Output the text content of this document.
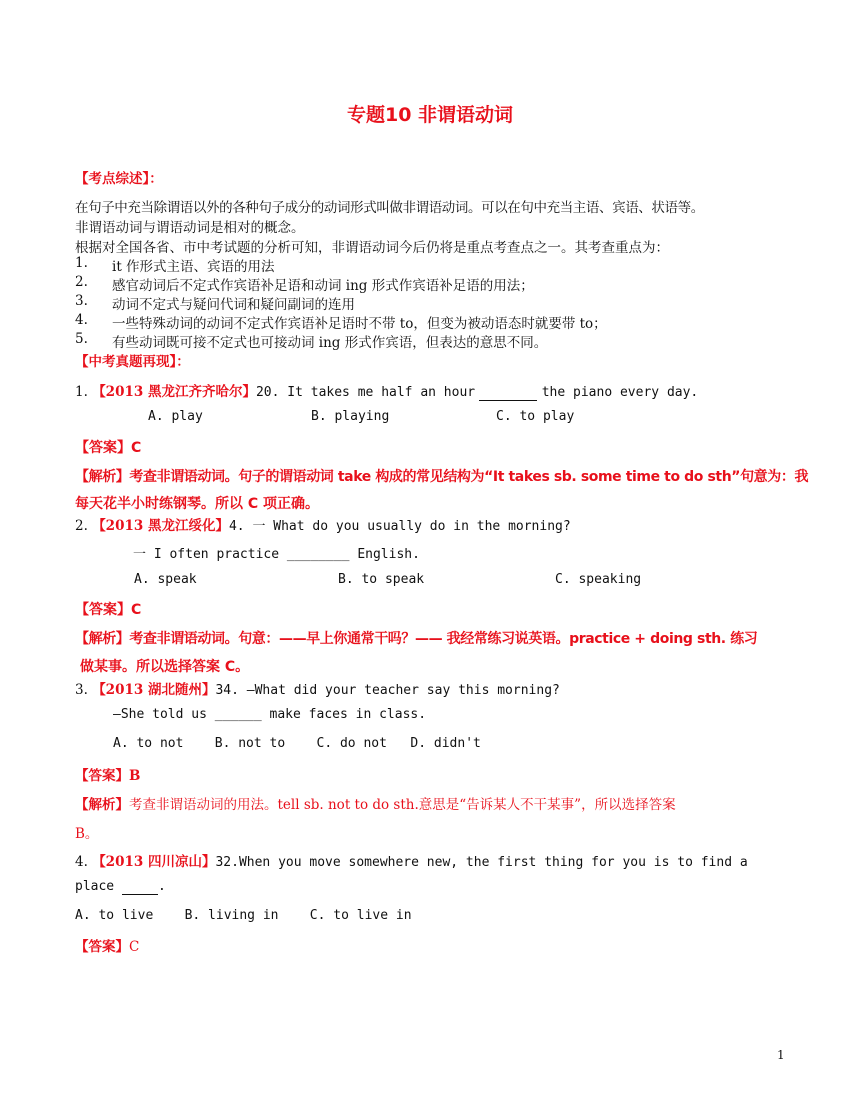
专题10 非谓语动词
【考点综述】：
在句子中充当除谓语以外的各种句子成分的动词形式叫做非谓语动词。可以在句中充当主语、宾语、状语等。
非谓语动词与谓语动词是相对的概念。
根据对全国各省、市中考试题的分析可知，非谓语动词今后仍将是重点考查点之一。其考查重点为：
1. it 作形式主语、宾语的用法
2. 感官动词后不定式作宾语补足语和动词 ing 形式作宾语补足语的用法；
3. 动词不定式与疑问代词和疑问副词的连用
4. 一些特殊动词的动词不定式作宾语补足语时不带 to，但变为被动语态时就要带 to；
5. 有些动词既可接不定式也可接动词 ing 形式作宾语，但表达的意思不同。
【中考真题再现】：
1. 【2013 黑龙江齐齐哈尔】20. It takes me half an hour	the piano every day.
A. play	B. playing	C. to play
【答案】C
【解析】考查非谓语动词。句子的谓语动词 take 构成的常见结构为“It takes sb. some time to do sth”句意为：我
每天花半小时练钢琴。所以 C 项正确。
2. 【2013 黑龙江绥化】4. 一 What do you usually do in the morning?
一 I often practice ________ English.
A. speak	B. to speak	C. speaking
【答案】C
【解析】考查非谓语动词。句意：——早上你通常干吗？—— 我经常练习说英语。practice + doing sth. 练习
做某事。所以选择答案 C。
3. 【2013 湖北随州】34. —What did your teacher say this morning?
—She told us ______ make faces in class.
A. to not    B. not to    C. do not   D. didn't
【答案】B
【解析】考查非谓语动词的用法。tell sb. not to do sth.意思是“告诉某人不干某事”，所以选择答案
B。
4. 【2013 四川凉山】32.When you move somewhere new, the first thing for you is to find a
place	.
A. to live    B. living in    C. to live in
【答案】C
1
